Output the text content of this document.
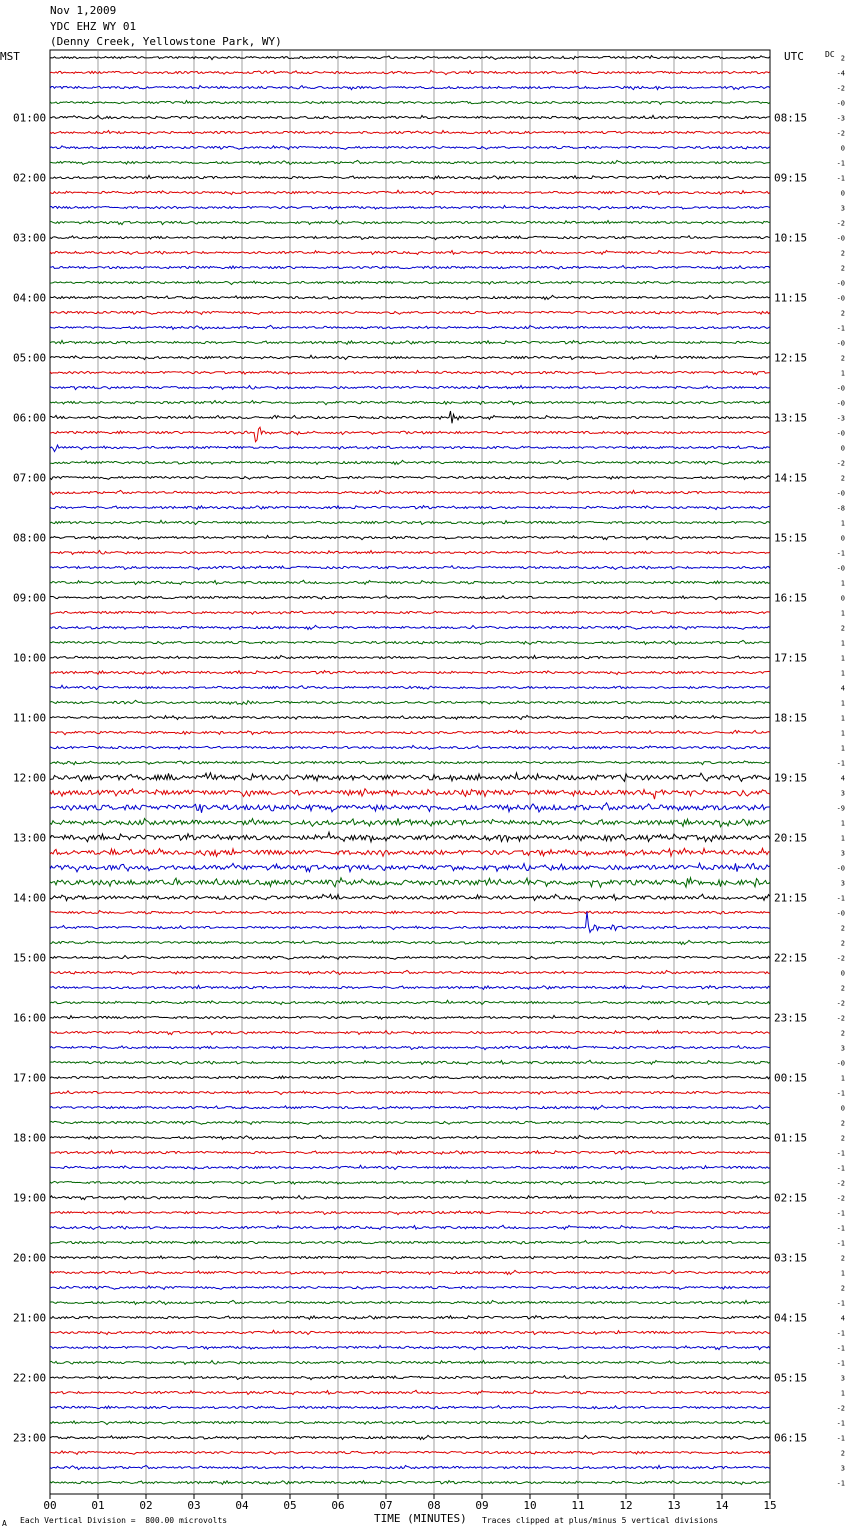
Nov 1,2009
YDC EHZ WY 01
(Denny Creek, Yellowstone Park, WY)
MST	UTC	DC
00	01	02	03	04	05	06	07	08	09	10	11	12	13	14	15
01:00
02:00
03:00
04:00
05:00
06:00
07:00
08:00
09:00
10:00
11:00
12:00
13:00
14:00
15:00
16:00
17:00
18:00
19:00
20:00
21:00
22:00
23:00
08:15
09:15
10:15
11:15
12:15
13:15
14:15
15:15
16:15
17:15
18:15
19:15
20:15
21:15
22:15
23:15
00:15
01:15
02:15
03:15
04:15
05:15
06:15
2
-4
-2
-0
-3
-2
0
-1
-1
0
3
-2
-0
2
2
-0
-0
2
-1
-0
2
1
-0
-0
-3
-0
0
-2
2
-0
-8
1
0
-1
-0
1
0
1
2
1
1
1
4
1
1
1
1
-1
4
3
-9
1
1
3
-0
3
-1
-0
2
2
-2
0
2
-2
-2
2
3
-0
1
-1
0
2
2
-1
-1
-2
-2
-1
-1
-1
2
1
2
-1
4
-1
-1
-1
3
1
-2
-1
-1
2
3
-1
A Each Vertical Division =  800.00 microvolts	TIME (MINUTES) Traces clipped at plus/minus 5 vertical divisions
